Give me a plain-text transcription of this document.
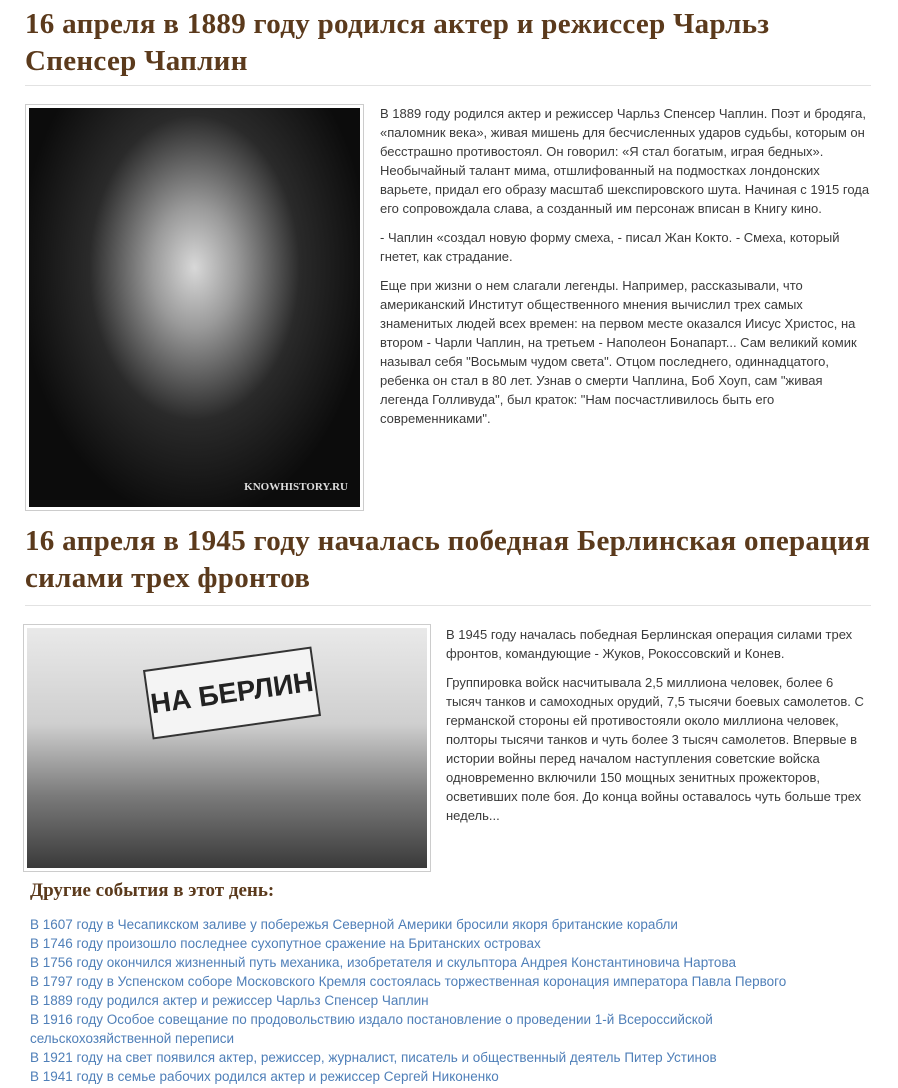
16 апреля в 1889 году родился актер и режиссер Чарльз Спенсер Чаплин
KNOWHISTORY.RU

В 1889 году родился актер и режиссер Чарльз Спенсер Чаплин. Поэт и бродяга, «паломник века», живая мишень для бесчисленных ударов судьбы, которым он бесстрашно противостоял. Он говорил: «Я стал богатым, играя бедных». Необычайный талант мима, отшлифованный на подмостках лондонских варьете, придал его образу масштаб шекспировского шута. Начиная с 1915 года его сопровождала слава, а созданный им персонаж вписан в Книгу кино.

- Чаплин «создал новую форму смеха, - писал Жан Кокто. - Смеха, который гнетет, как страдание.

Еще при жизни о нем слагали легенды. Например, рассказывали, что американский Институт общественного мнения вычислил трех самых знаменитых людей всех времен: на первом месте оказался Иисус Христос, на втором - Чарли Чаплин, на третьем - Наполеон Бонапарт... Сам великий комик называл себя "Восьмым чудом света". Отцом последнего, одиннадцатого, ребенка он стал в 80 лет. Узнав о смерти Чаплина, Боб Хоуп, сам "живая легенда Голливуда", был краток: "Нам посчастливилось быть его современниками".

16 апреля в 1945 году началась победная Берлинская операция силами трех фронтов
НА БЕРЛИН

В 1945 году началась победная Берлинская операция силами трех фронтов, командующие - Жуков, Рокоссовский и Конев.

Группировка войск насчитывала 2,5 миллиона человек, более 6 тысяч танков и самоходных орудий, 7,5 тысячи боевых самолетов. С германской стороны ей противостояли около миллиона человек, полторы тысячи танков и чуть более 3 тысяч самолетов. Впервые в истории войны перед началом наступления советские войска одновременно включили 150 мощных зенитных прожекторов, осветивших поле боя. До конца войны оставалось чуть больше трех недель...

Другие события в этот день:
В 1607 году в Чесапикском заливе у побережья Северной Америки бросили якоря британские корабли
В 1746 году произошло последнее сухопутное сражение на Британских островах
В 1756 году окончился жизненный путь механика, изобретателя и скульптора Андрея Константиновича Нартова
В 1797 году в Успенском соборе Московского Кремля состоялась торжественная коронация императора Павла Первого
В 1889 году родился актер и режиссер Чарльз Спенсер Чаплин
В 1916 году Особое совещание по продовольствию издало постановление о проведении 1-й Всероссийской сельскохозяйственной переписи
В 1921 году на свет появился актер, режиссер, журналист, писатель и общественный деятель Питер Устинов
В 1941 году в семье рабочих родился актер и режиссер Сергей Никоненко
